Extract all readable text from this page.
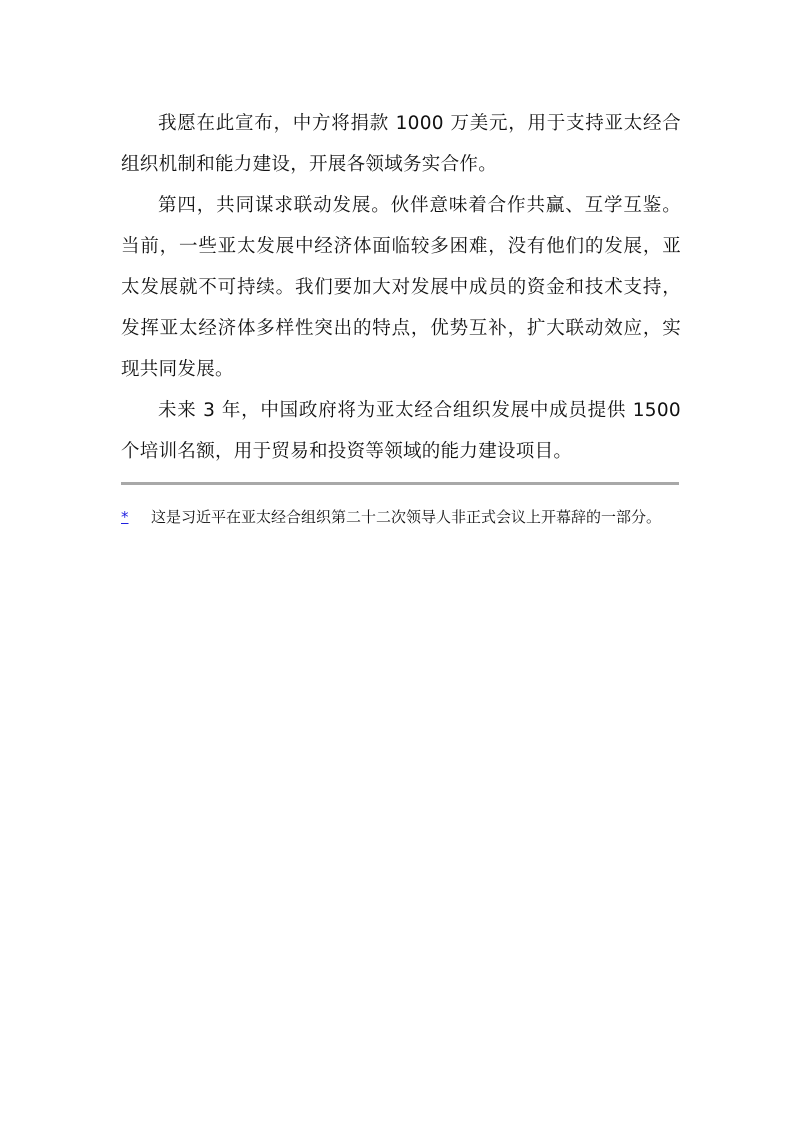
我愿在此宣布，中方将捐款 1000 万美元，用于支持亚太经合组织机制和能力建设，开展各领域务实合作。

第四，共同谋求联动发展。伙伴意味着合作共赢、互学互鉴。当前，一些亚太发展中经济体面临较多困难，没有他们的发展，亚太发展就不可持续。我们要加大对发展中成员的资金和技术支持，发挥亚太经济体多样性突出的特点，优势互补，扩大联动效应，实现共同发展。

未来 3 年，中国政府将为亚太经合组织发展中成员提供 1500 个培训名额，用于贸易和投资等领域的能力建设项目。

* 这是习近平在亚太经合组织第二十二次领导人非正式会议上开幕辞的一部分。
